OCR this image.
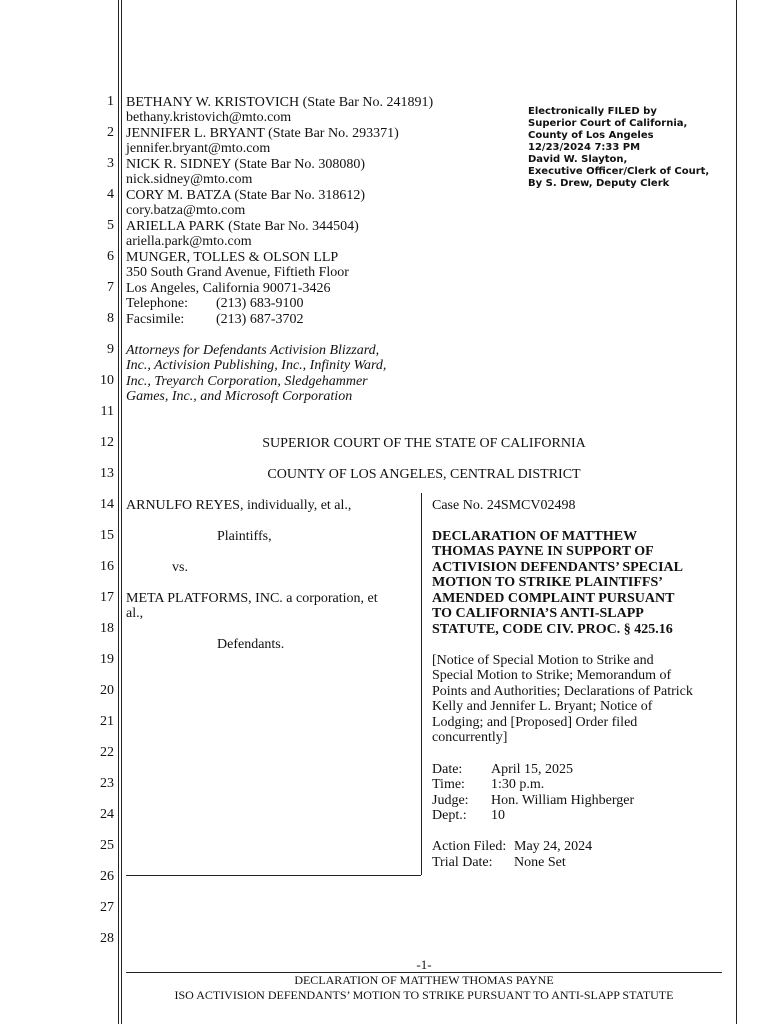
1
2
3
4
5
6
7
8
9
10
11
12
13
14
15
16
17
18
19
20
21
22
23
24
25
26
27
28
BETHANY W. KRISTOVICH (State Bar No. 241891)
bethany.kristovich@mto.com
JENNIFER L. BRYANT (State Bar No. 293371)
jennifer.bryant@mto.com
NICK R. SIDNEY (State Bar No. 308080)
nick.sidney@mto.com
CORY M. BATZA (State Bar No. 318612)
cory.batza@mto.com
ARIELLA PARK (State Bar No. 344504)
ariella.park@mto.com
MUNGER, TOLLES & OLSON LLP
350 South Grand Avenue, Fiftieth Floor
Los Angeles, California 90071-3426
Telephone: (213) 683-9100
Facsimile: (213) 687-3702
Electronically FILED by
Superior Court of California,
County of Los Angeles
12/23/2024 7:33 PM
David W. Slayton,
Executive Officer/Clerk of Court,
By S. Drew, Deputy Clerk
Attorneys for Defendants Activision Blizzard,
Inc., Activision Publishing, Inc., Infinity Ward,
Inc., Treyarch Corporation, Sledgehammer
Games, Inc., and Microsoft Corporation
SUPERIOR COURT OF THE STATE OF CALIFORNIA
COUNTY OF LOS ANGELES, CENTRAL DISTRICT
ARNULFO REYES, individually, et al.,
Plaintiffs,
vs.
META PLATFORMS, INC. a corporation, et
al.,
Defendants.
Case No. 24SMCV02498
DECLARATION OF MATTHEW
THOMAS PAYNE IN SUPPORT OF
ACTIVISION DEFENDANTS’ SPECIAL
MOTION TO STRIKE PLAINTIFFS’
AMENDED COMPLAINT PURSUANT
TO CALIFORNIA’S ANTI-SLAPP
STATUTE, CODE CIV. PROC. § 425.16
[Notice of Special Motion to Strike and
Special Motion to Strike; Memorandum of
Points and Authorities; Declarations of Patrick
Kelly and Jennifer L. Bryant; Notice of
Lodging; and [Proposed] Order filed
concurrently]
Date: April 15, 2025
Time: 1:30 p.m.
Judge: Hon. William Highberger
Dept.: 10
Action Filed: May 24, 2024
Trial Date: None Set
-1-
DECLARATION OF MATTHEW THOMAS PAYNE
ISO ACTIVISION DEFENDANTS’ MOTION TO STRIKE PURSUANT TO ANTI-SLAPP STATUTE
